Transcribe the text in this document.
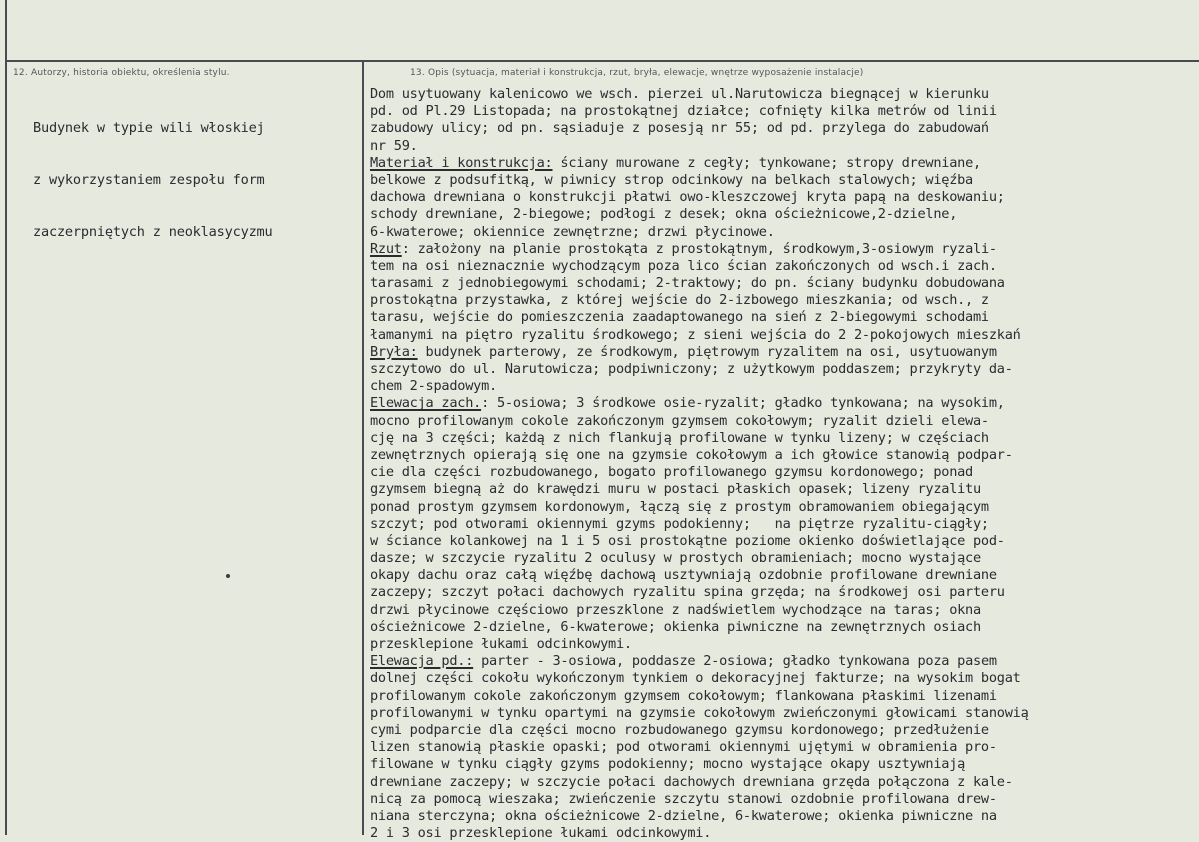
12. Autorzy, historia obiektu, określenia stylu.	13. Opis (sytuacja, materiał i konstrukcja, rzut, bryła, elewacje, wnętrze wyposażenie instalacje)

Budynek w typie wili włoskiej

z wykorzystaniem zespołu form

zaczerpniętych z neoklasycyzmu

Dom usytuowany kalenicowo we wsch. pierzei ul.Narutowicza biegnącej w kierunku
pd. od Pl.29 Listopada; na prostokątnej działce; cofnięty kilka metrów od linii
zabudowy ulicy; od pn. sąsiaduje z posesją nr 55; od pd. przylega do zabudowań
nr 59.
Materiał i konstrukcja: ściany murowane z cegły; tynkowane; stropy drewniane,
belkowe z podsufitką, w piwnicy strop odcinkowy na belkach stalowych; więźba
dachowa drewniana o konstrukcji płatwi owo-kleszczowej kryta papą na deskowaniu;
schody drewniane, 2-biegowe; podłogi z desek; okna ościeżnicowe,2-dzielne,
6-kwaterowe; okiennice zewnętrzne; drzwi płycinowe.
Rzut: założony na planie prostokąta z prostokątnym, środkowym,3-osiowym ryzali-
tem na osi nieznacznie wychodzącym poza lico ścian zakończonych od wsch.i zach.
tarasami z jednobiegowymi schodami; 2-traktowy; do pn. ściany budynku dobudowana
prostokątna przystawka, z której wejście do 2-izbowego mieszkania; od wsch., z
tarasu, wejście do pomieszczenia zaadaptowanego na sień z 2-biegowymi schodami
łamanymi na piętro ryzalitu środkowego; z sieni wejścia do 2 2-pokojowych mieszkań
Bryła: budynek parterowy, ze środkowym, piętrowym ryzalitem na osi, usytuowanym
szczytowo do ul. Narutowicza; podpiwniczony; z użytkowym poddaszem; przykryty da-
chem 2-spadowym.
Elewacja zach.: 5-osiowa; 3 środkowe osie-ryzalit; gładko tynkowana; na wysokim,
mocno profilowanym cokole zakończonym gzymsem cokołowym; ryzalit dzieli elewa-
cję na 3 części; każdą z nich flankują profilowane w tynku lizeny; w częściach
zewnętrznych opierają się one na gzymsie cokołowym a ich głowice stanowią podpar-
cie dla części rozbudowanego, bogato profilowanego gzymsu kordonowego; ponad
gzymsem biegną aż do krawędzi muru w postaci płaskich opasek; lizeny ryzalitu
ponad prostym gzymsem kordonowym, łączą się z prostym obramowaniem obiegającym
szczyt; pod otworami okiennymi gzyms podokienny;   na piętrze ryzalitu-ciągły;
w ściance kolankowej na 1 i 5 osi prostokątne poziome okienko doświetlające pod-
dasze; w szczycie ryzalitu 2 oculusy w prostych obramieniach; mocno wystające
okapy dachu oraz całą więźbę dachową usztywniają ozdobnie profilowane drewniane
zaczepy; szczyt połaci dachowych ryzalitu spina grzęda; na środkowej osi parteru
drzwi płycinowe częściowo przeszklone z nadświetlem wychodzące na taras; okna
ościeżnicowe 2-dzielne, 6-kwaterowe; okienka piwniczne na zewnętrznych osiach
przesklepione łukami odcinkowymi.
Elewacja pd.: parter - 3-osiowa, poddasze 2-osiowa; gładko tynkowana poza pasem
dolnej części cokołu wykończonym tynkiem o dekoracyjnej fakturze; na wysokim bogat
profilowanym cokole zakończonym gzymsem cokołowym; flankowana płaskimi lizenami
profilowanymi w tynku opartymi na gzymsie cokołowym zwieńczonymi głowicami stanowią
cymi podparcie dla części mocno rozbudowanego gzymsu kordonowego; przedłużenie
lizen stanowią płaskie opaski; pod otworami okiennymi ujętymi w obramienia pro-
filowane w tynku ciągły gzyms podokienny; mocno wystające okapy usztywniają
drewniane zaczepy; w szczycie połaci dachowych drewniana grzęda połączona z kale-
nicą za pomocą wieszaka; zwieńczenie szczytu stanowi ozdobnie profilowana drew-
niana sterczyna; okna ościeżnicowe 2-dzielne, 6-kwaterowe; okienka piwniczne na
2 i 3 osi przesklepione łukami odcinkowymi.
